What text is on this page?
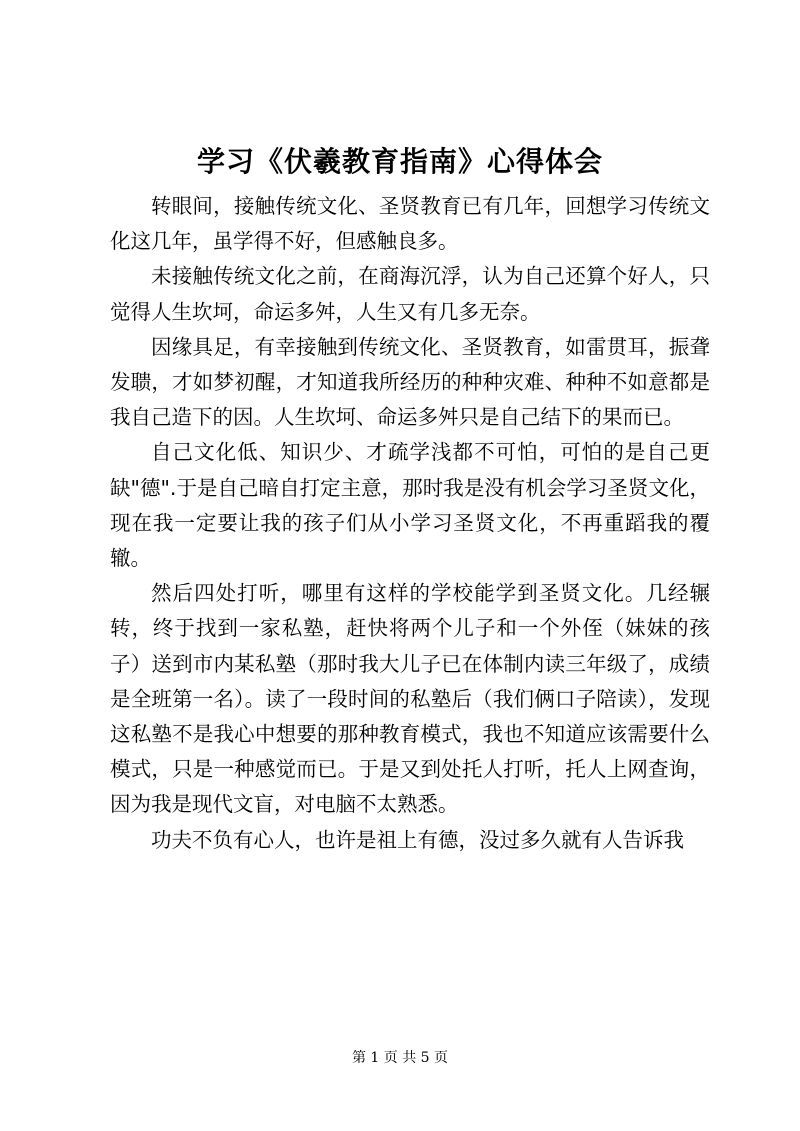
学习《伏羲教育指南》心得体会

转眼间，接触传统文化、圣贤教育已有几年，回想学习传统文化这几年，虽学得不好，但感触良多。

未接触传统文化之前，在商海沉浮，认为自己还算个好人，只觉得人生坎坷，命运多舛，人生又有几多无奈。

因缘具足，有幸接触到传统文化、圣贤教育，如雷贯耳，振聋发聩，才如梦初醒，才知道我所经历的种种灾难、种种不如意都是我自己造下的因。人生坎坷、命运多舛只是自己结下的果而已。

自己文化低、知识少、才疏学浅都不可怕，可怕的是自己更缺"德".于是自己暗自打定主意，那时我是没有机会学习圣贤文化，现在我一定要让我的孩子们从小学习圣贤文化，不再重蹈我的覆辙。

然后四处打听，哪里有这样的学校能学到圣贤文化。几经辗转，终于找到一家私塾，赶快将两个儿子和一个外侄（妹妹的孩子）送到市内某私塾（那时我大儿子已在体制内读三年级了，成绩是全班第一名）。读了一段时间的私塾后（我们俩口子陪读），发现这私塾不是我心中想要的那种教育模式，我也不知道应该需要什么模式，只是一种感觉而已。于是又到处托人打听，托人上网查询，因为我是现代文盲，对电脑不太熟悉。

功夫不负有心人，也许是祖上有德，没过多久就有人告诉我

第 1 页 共 5 页
